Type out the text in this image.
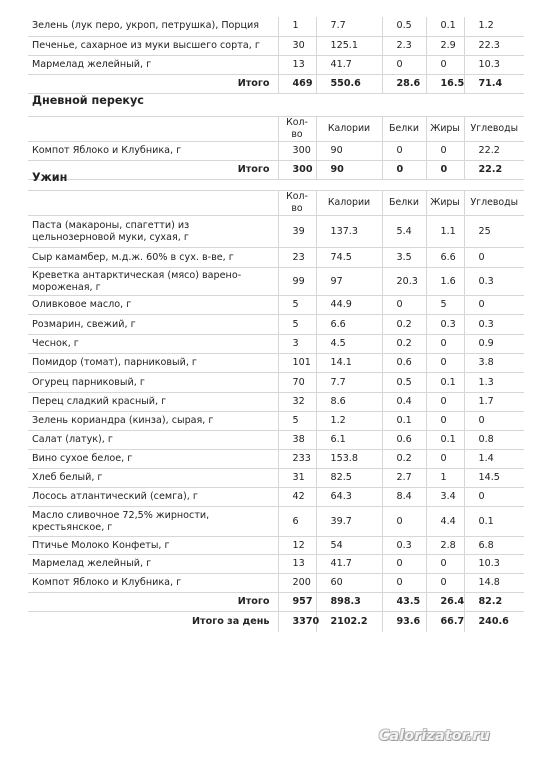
Зелень (лук перо, укроп, петрушка), Порция	1	7.7	0.5	0.1	1.2
Печенье, сахарное из муки высшего сорта, г	30	125.1	2.3	2.9	22.3
Мармелад желейный, г	13	41.7	0	0	10.3
Итого	469	550.6	28.6	16.5	71.4
Дневной перекус
	Кол-во	Калории	Белки	Жиры	Углеводы
Компот Яблоко и Клубника, г	300	90	0	0	22.2
Итого	300	90	0	0	22.2
Ужин
	Кол-во	Калории	Белки	Жиры	Углеводы
Паста (макароны, спагетти) из цельнозерновой муки, сухая, г	39	137.3	5.4	1.1	25
Сыр камамбер, м.д.ж. 60% в сух. в-ве, г	23	74.5	3.5	6.6	0
Креветка антарктическая (мясо) варено-мороженая, г	99	97	20.3	1.6	0.3
Оливковое масло, г	5	44.9	0	5	0
Розмарин, свежий, г	5	6.6	0.2	0.3	0.3
Чеснок, г	3	4.5	0.2	0	0.9
Помидор (томат), парниковый, г	101	14.1	0.6	0	3.8
Огурец парниковый, г	70	7.7	0.5	0.1	1.3
Перец сладкий красный, г	32	8.6	0.4	0	1.7
Зелень кориандра (кинза), сырая, г	5	1.2	0.1	0	0
Салат (латук), г	38	6.1	0.6	0.1	0.8
Вино сухое белое, г	233	153.8	0.2	0	1.4
Хлеб белый, г	31	82.5	2.7	1	14.5
Лосось атлантический (семга), г	42	64.3	8.4	3.4	0
Масло сливочное 72,5% жирности, крестьянское, г	6	39.7	0	4.4	0.1
Птичье Молоко Конфеты, г	12	54	0.3	2.8	6.8
Мармелад желейный, г	13	41.7	0	0	10.3
Компот Яблоко и Клубника, г	200	60	0	0	14.8
Итого	957	898.3	43.5	26.4	82.2
Итого за день	3370	2102.2	93.6	66.7	240.6
Calorizator.ru
